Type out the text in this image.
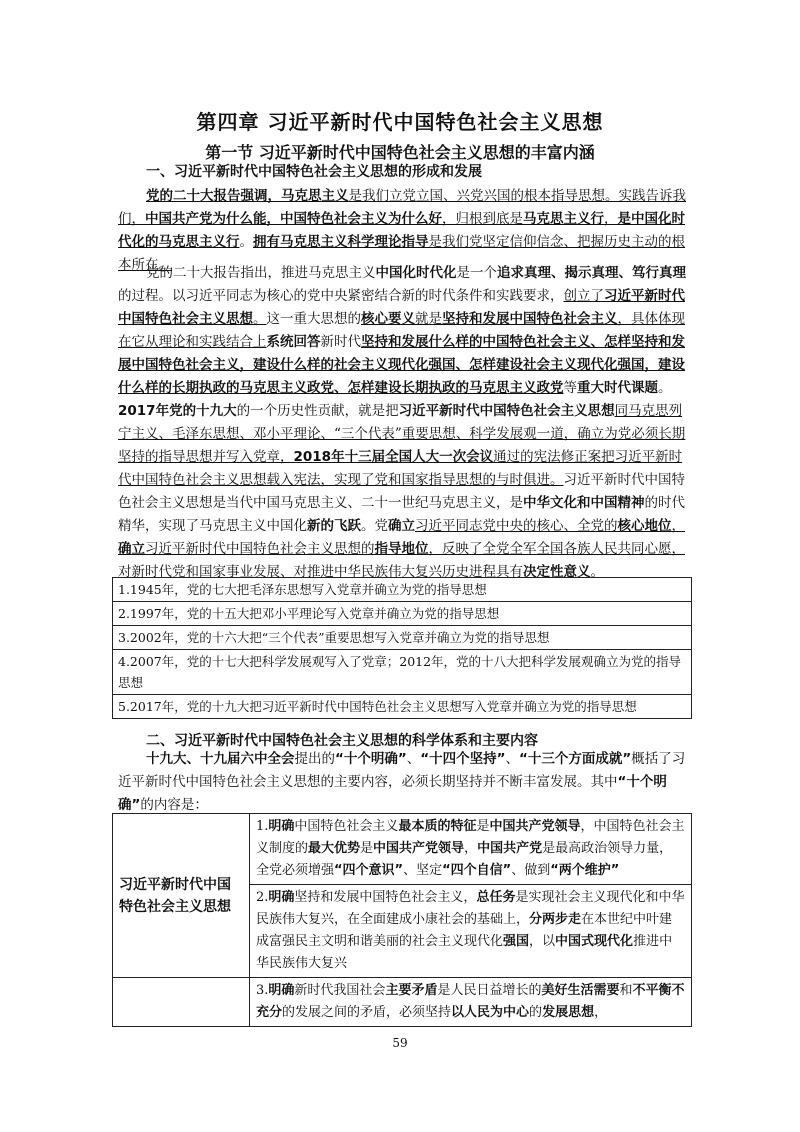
第四章 习近平新时代中国特色社会主义思想
第一节 习近平新时代中国特色社会主义思想的丰富内涵
一、习近平新时代中国特色社会主义思想的形成和发展
党的二十大报告强调，马克思主义是我们立党立国、兴党兴国的根本指导思想。实践告诉我们，中国共产党为什么能，中国特色社会主义为什么好，归根到底是马克思主义行，是中国化时代化的马克思主义行。拥有马克思主义科学理论指导是我们党坚定信仰信念、把握历史主动的根本所在。
党的二十大报告指出，推进马克思主义中国化时代化是一个追求真理、揭示真理、笃行真理的过程。以习近平同志为核心的党中央紧密结合新的时代条件和实践要求，创立了习近平新时代中国特色社会主义思想。这一重大思想的核心要义就是坚持和发展中国特色社会主义，具体体现在它从理论和实践结合上系统回答新时代坚持和发展什么样的中国特色社会主义、怎样坚持和发展中国特色社会主义，建设什么样的社会主义现代化强国、怎样建设社会主义现代化强国，建设什么样的长期执政的马克思主义政党、怎样建设长期执政的马克思主义政党等重大时代课题。2017年党的十九大的一个历史性贡献，就是把习近平新时代中国特色社会主义思想同马克思列宁主义、毛泽东思想、邓小平理论、“三个代表”重要思想、科学发展观一道，确立为党必须长期坚持的指导思想并写入党章，2018年十三届全国人大一次会议通过的宪法修正案把习近平新时代中国特色社会主义思想载入宪法，实现了党和国家指导思想的与时俱进。习近平新时代中国特色社会主义思想是当代中国马克思主义、二十一世纪马克思主义，是中华文化和中国精神的时代精华，实现了马克思主义中国化新的飞跃。党确立习近平同志党中央的核心、全党的核心地位，确立习近平新时代中国特色社会主义思想的指导地位，反映了全党全军全国各族人民共同心愿，对新时代党和国家事业发展、对推进中华民族伟大复兴历史进程具有决定性意义。
1.1945年，党的七大把毛泽东思想写入党章并确立为党的指导思想
2.1997年，党的十五大把邓小平理论写入党章并确立为党的指导思想
3.2002年，党的十六大把“三个代表”重要思想写入党章并确立为党的指导思想
4.2007年，党的十七大把科学发展观写入了党章；2012年，党的十八大把科学发展观确立为党的指导思想
5.2017年，党的十九大把习近平新时代中国特色社会主义思想写入党章并确立为党的指导思想
二、习近平新时代中国特色社会主义思想的科学体系和主要内容
十九大、十九届六中全会提出的“十个明确”、“十四个坚持”、“十三个方面成就”概括了习近平新时代中国特色社会主义思想的主要内容，必须长期坚持并不断丰富发展。其中“十个明确”的内容是：
习近平新时代中国特色社会主义思想	1.明确中国特色社会主义最本质的特征是中国共产党领导，中国特色社会主义制度的最大优势是中国共产党领导，中国共产党是最高政治领导力量，全党必须增强“四个意识”、坚定“四个自信”、做到“两个维护”
	2.明确坚持和发展中国特色社会主义，总任务是实现社会主义现代化和中华民族伟大复兴，在全面建成小康社会的基础上，分两步走在本世纪中叶建成富强民主文明和谐美丽的社会主义现代化强国，以中国式现代化推进中华民族伟大复兴
	3.明确新时代我国社会主要矛盾是人民日益增长的美好生活需要和不平衡不充分的发展之间的矛盾，必须坚持以人民为中心的发展思想，
59
